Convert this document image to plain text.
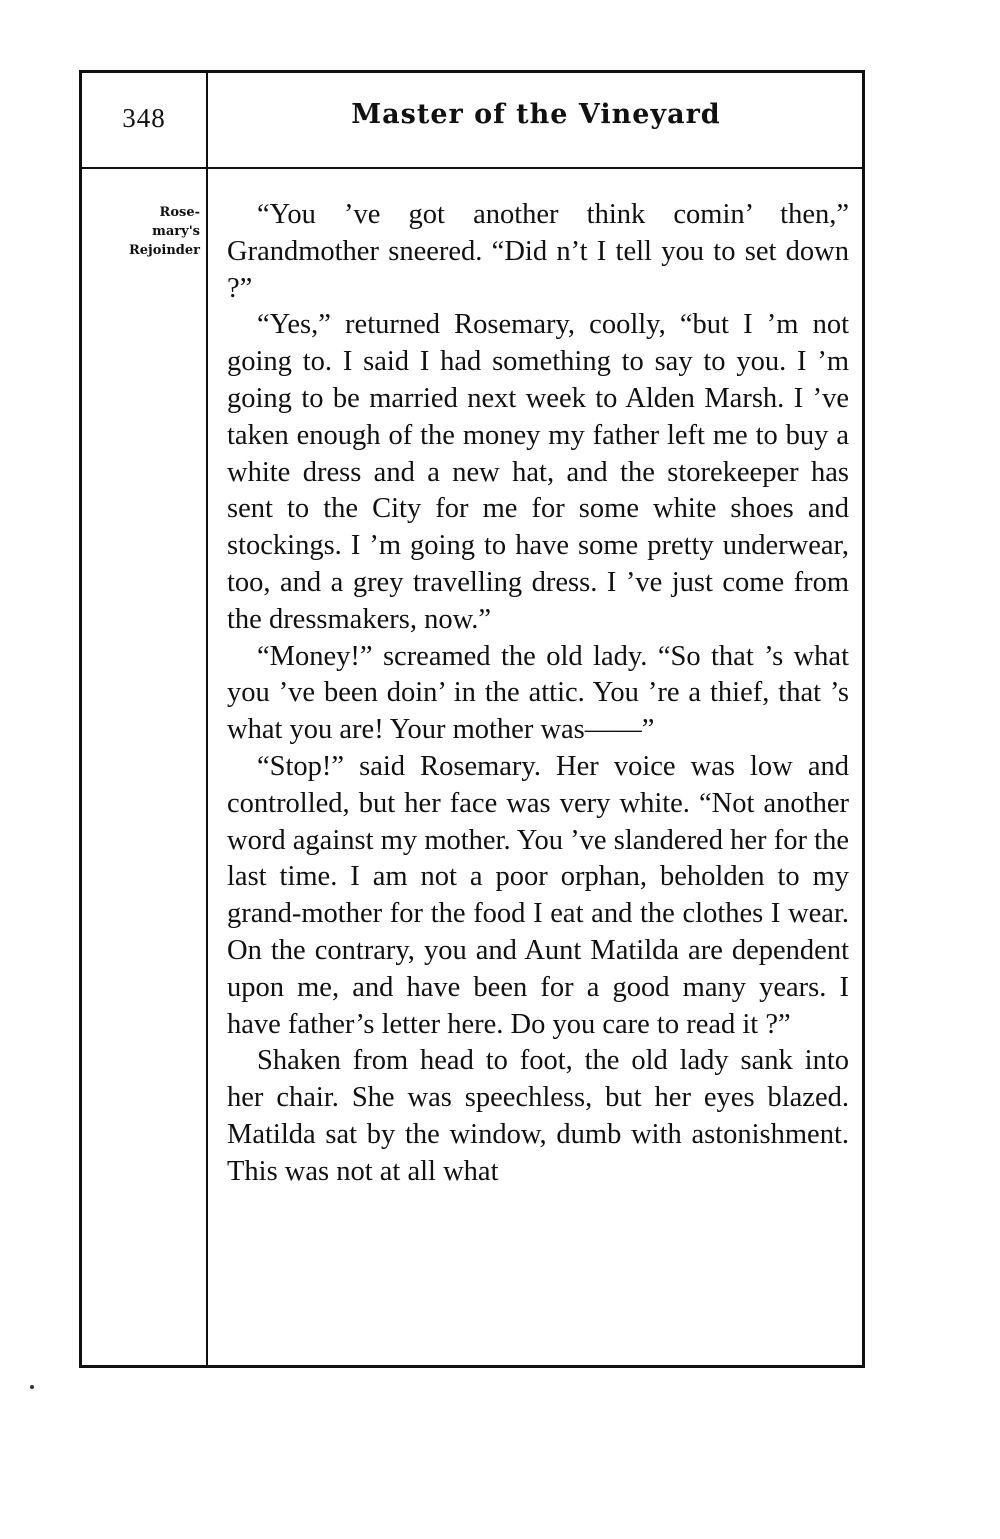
348	Master of the Vineyard
Rose-
mary's
Rejoinder

“You ’ve got another think comin’ then,” Grandmother sneered. “Did n’t I tell you to set down ?”

“Yes,” returned Rosemary, coolly, “but I ’m not going to. I said I had something to say to you. I ’m going to be married next week to Alden Marsh. I ’ve taken enough of the money my father left me to buy a white dress and a new hat, and the storekeeper has sent to the City for me for some white shoes and stockings. I ’m going to have some pretty underwear, too, and a grey travelling dress. I ’ve just come from the dressmakers, now.”

“Money!” screamed the old lady. “So that ’s what you ’ve been doin’ in the attic. You ’re a thief, that ’s what you are! Your mother was——”

“Stop!” said Rosemary. Her voice was low and controlled, but her face was very white. “Not another word against my mother. You ’ve slandered her for the last time. I am not a poor orphan, beholden to my grand-mother for the food I eat and the clothes I wear. On the contrary, you and Aunt Matilda are dependent upon me, and have been for a good many years. I have father’s letter here. Do you care to read it ?”

Shaken from head to foot, the old lady sank into her chair. She was speechless, but her eyes blazed. Matilda sat by the window, dumb with astonishment. This was not at all what
